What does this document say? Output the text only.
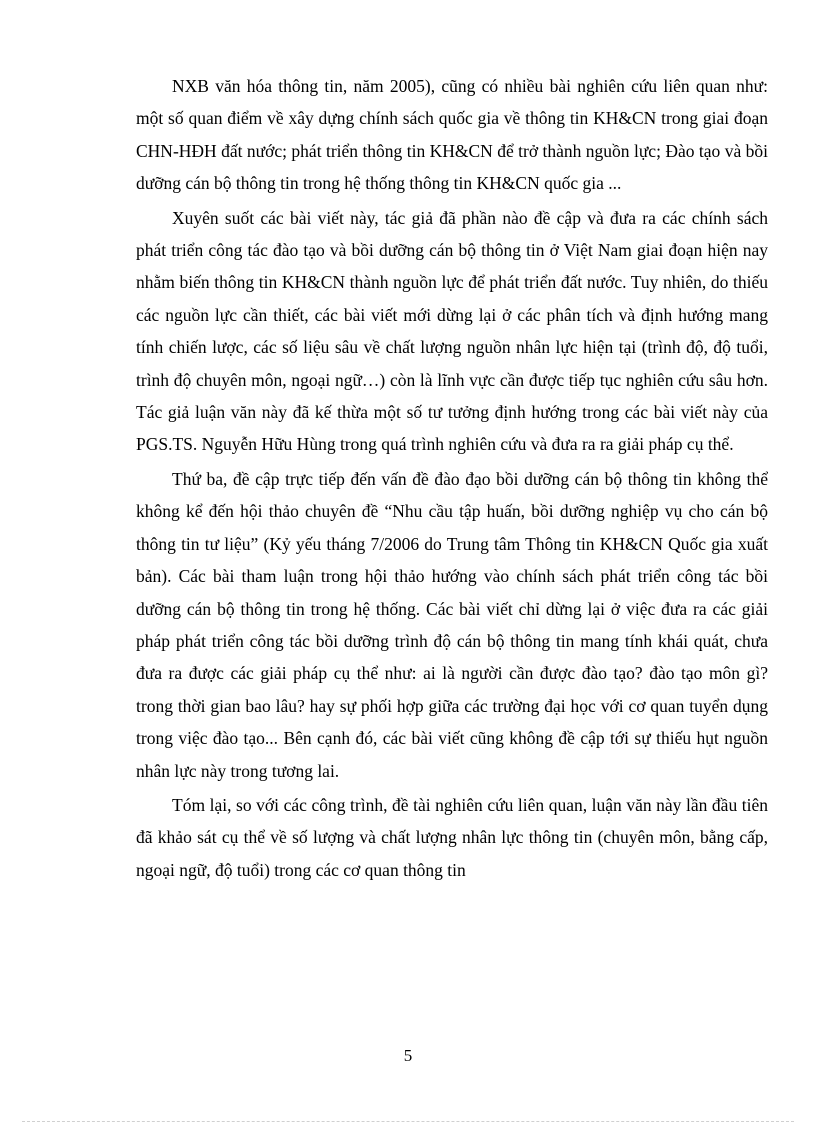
NXB văn hóa thông tin, năm 2005), cũng có nhiều bài nghiên cứu liên quan như: một số quan điểm về xây dựng chính sách quốc gia về thông tin KH&CN trong giai đoạn CHN-HĐH đất nước; phát triển thông tin KH&CN để trở thành nguồn lực; Đào tạo và bồi dưỡng cán bộ thông tin trong hệ thống thông tin KH&CN quốc gia ...

Xuyên suốt các bài viết này, tác giả đã phần nào đề cập và đưa ra các chính sách phát triển công tác đào tạo và bồi dưỡng cán bộ thông tin ở Việt Nam giai đoạn hiện nay nhằm biến thông tin KH&CN thành nguồn lực để phát triển đất nước. Tuy nhiên, do thiếu các nguồn lực cần thiết, các bài viết mới dừng lại ở các phân tích và định hướng mang tính chiến lược, các số liệu sâu về chất lượng nguồn nhân lực hiện tại (trình độ, độ tuổi, trình độ chuyên môn, ngoại ngữ…) còn là lĩnh vực cần được tiếp tục nghiên cứu sâu hơn. Tác giả luận văn này đã kế thừa một số tư tưởng định hướng trong các bài viết này của PGS.TS. Nguyễn Hữu Hùng trong quá trình nghiên cứu và đưa ra ra giải pháp cụ thể.

Thứ ba, đề cập trực tiếp đến vấn đề đào đạo bồi dưỡng cán bộ thông tin không thể không kể đến hội thảo chuyên đề “Nhu cầu tập huấn, bồi dưỡng nghiệp vụ cho cán bộ thông tin tư liệu” (Kỷ yếu tháng 7/2006 do Trung tâm Thông tin KH&CN Quốc gia xuất bản). Các bài tham luận trong hội thảo hướng vào chính sách phát triển công tác bồi dưỡng cán bộ thông tin trong hệ thống. Các bài viết chỉ dừng lại ở việc đưa ra các giải pháp phát triển công tác bồi dưỡng trình độ cán bộ thông tin mang tính khái quát, chưa đưa ra được các giải pháp cụ thể như: ai là người cần được đào tạo? đào tạo môn gì? trong thời gian bao lâu? hay sự phối hợp giữa các trường đại học với cơ quan tuyển dụng trong việc đào tạo... Bên cạnh đó, các bài viết cũng không đề cập tới sự thiếu hụt nguồn nhân lực này trong tương lai.

Tóm lại, so với các công trình, đề tài nghiên cứu liên quan, luận văn này lần đầu tiên đã khảo sát cụ thể về số lượng và chất lượng nhân lực thông tin (chuyên môn, bằng cấp, ngoại ngữ, độ tuổi) trong các cơ quan thông tin

5
